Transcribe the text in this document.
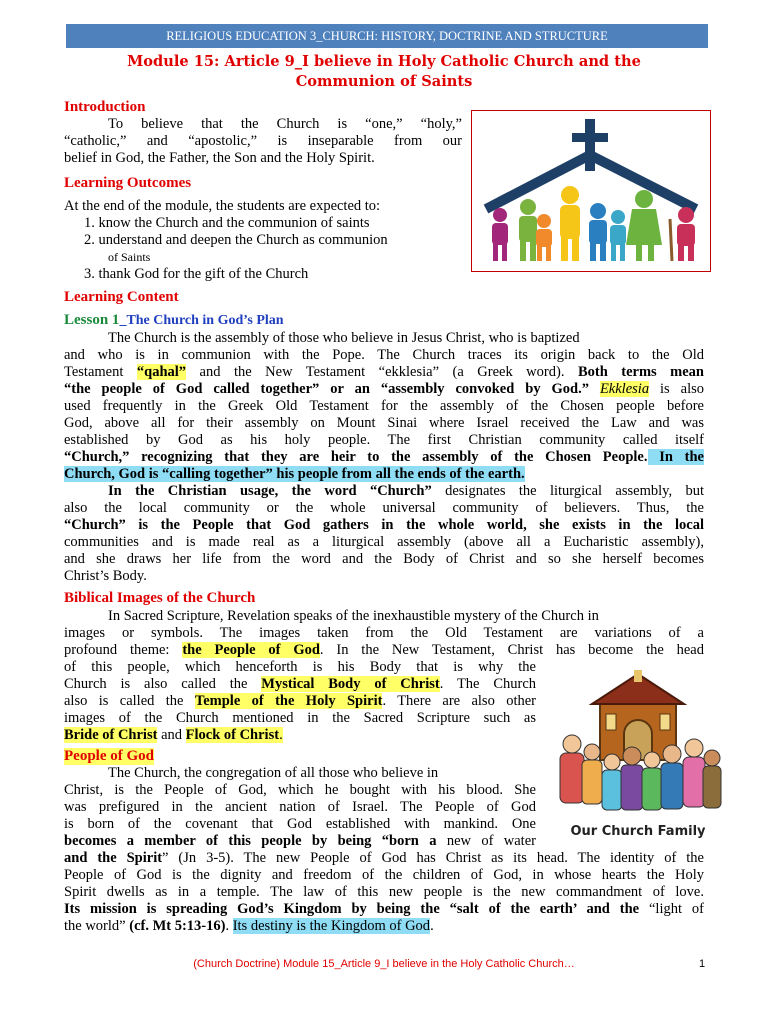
RELIGIOUS EDUCATION 3_CHURCH: HISTORY, DOCTRINE AND STRUCTURE
Module 15: Article 9_I believe in Holy Catholic Church and the
Communion of Saints
Introduction
To believe that the Church is “one,” “holy,”
“catholic,” and “apostolic,” is inseparable from our
belief in God, the Father, the Son and the Holy Spirit.
Learning Outcomes
At the end of the module, the students are expected to:
1. know the Church and the communion of saints
2. understand and deepen the Church as communion
of Saints
3. thank God for the gift of the Church
Learning Content
Lesson 1_The Church in God’s Plan
The Church is the assembly of those who believe in Jesus Christ, who is baptized
and who is in communion with the Pope. The Church traces its origin back to the Old
Testament “qahal” and the New Testament “ekklesia” (a Greek word). Both terms mean
“the people of God called together” or an “assembly convoked by God.” Ekklesia is also
used frequently in the Greek Old Testament for the assembly of the Chosen people before
God, above all for their assembly on Mount Sinai where Israel received the Law and was
established by God as his holy people. The first Christian community called itself
“Church,” recognizing that they are heir to the assembly of the Chosen People. In the
Church, God is “calling together” his people from all the ends of the earth.
In the Christian usage, the word “Church” designates the liturgical assembly, but
also the local community or the whole universal community of believers. Thus, the
“Church” is the People that God gathers in the whole world, she exists in the local
communities and is made real as a liturgical assembly (above all a Eucharistic assembly),
and she draws her life from the word and the Body of Christ and so she herself becomes
Christ’s Body.
Biblical Images of the Church
In Sacred Scripture, Revelation speaks of the inexhaustible mystery of the Church in
images or symbols. The images taken from the Old Testament are variations of a
profound theme: the People of God. In the New Testament, Christ has become the head
of this people, which henceforth is his Body that is why the
Church is also called the Mystical Body of Christ. The Church
also is called the Temple of the Holy Spirit. There are also other
images of the Church mentioned in the Sacred Scripture such as
Bride of Christ and Flock of Christ.
People of God
The Church, the congregation of all those who believe in
Christ, is the People of God, which he bought with his blood. She
was prefigured in the ancient nation of Israel. The People of God
is born of the covenant that God established with mankind. One
becomes a member of this people by being “born a new of water
and the Spirit” (Jn 3-5). The new People of God has Christ as its head. The identity of the
People of God is the dignity and freedom of the children of God, in whose hearts the Holy
Spirit dwells as in a temple. The law of this new people is the new commandment of love.
Its mission is spreading God’s Kingdom by being the “salt of the earth’ and the “light of
the world” (cf. Mt 5:13-16). Its destiny is the Kingdom of God.
Our Church Family
(Church Doctrine) Module 15_Article 9_I believe in the Holy Catholic Church…	1
